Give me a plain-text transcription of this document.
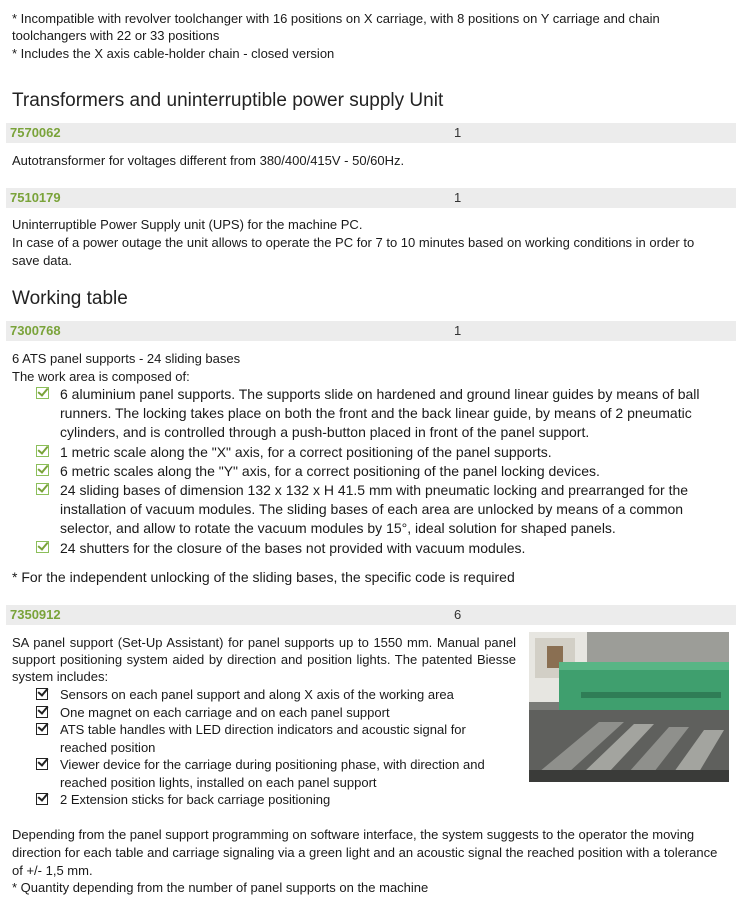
* Incompatible with revolver toolchanger with 16 positions on X carriage, with 8 positions on Y carriage and chain
toolchangers with 22 or 33 positions
* Includes the X axis cable-holder chain - closed version
Transformers and uninterruptible power supply Unit
7570062	1
Autotransformer for voltages different from 380/400/415V - 50/60Hz.
7510179	1
Uninterruptible Power Supply unit (UPS) for the machine PC.
In case of a power outage the unit allows to operate the PC for 7 to 10 minutes based on working conditions in order to
save data.
Working table
7300768	1
6 ATS panel supports - 24 sliding bases
The work area is composed of:
6 aluminium panel supports. The supports slide on hardened and ground linear guides by means of ball runners. The locking takes place on both the front and the back linear guide, by means of 2 pneumatic cylinders, and is controlled through a push-button placed in front of the panel support.
1 metric scale along the "X" axis, for a correct positioning of the panel supports.
6 metric scales along the "Y" axis, for a correct positioning of the panel locking devices.
24 sliding bases of dimension 132 x 132 x H 41.5 mm with pneumatic locking and prearranged for the installation of vacuum modules. The sliding bases of each area are unlocked by means of a common selector, and allow to rotate the vacuum modules by 15°, ideal solution for shaped panels.
24 shutters for the closure of the bases not provided with vacuum modules.
* For the independent unlocking of the sliding bases, the specific code is required
7350912	6
SA panel support (Set-Up Assistant) for panel supports up to 1550 mm. Manual panel support positioning system aided by direction and position lights. The patented Biesse system includes:
Sensors on each panel support and along X axis of the working area
One magnet on each carriage and on each panel support
ATS table handles with LED direction indicators and acoustic signal for reached position
Viewer device for the carriage during positioning phase, with direction and reached position lights, installed on each panel support
2 Extension sticks for back carriage positioning
Depending from the panel support programming on software interface, the system suggests to the operator the moving direction for each table and carriage signaling via a green light and an acoustic signal the reached position with a tolerance of +/- 1,5 mm.
* Quantity depending from the number of panel supports on the machine
